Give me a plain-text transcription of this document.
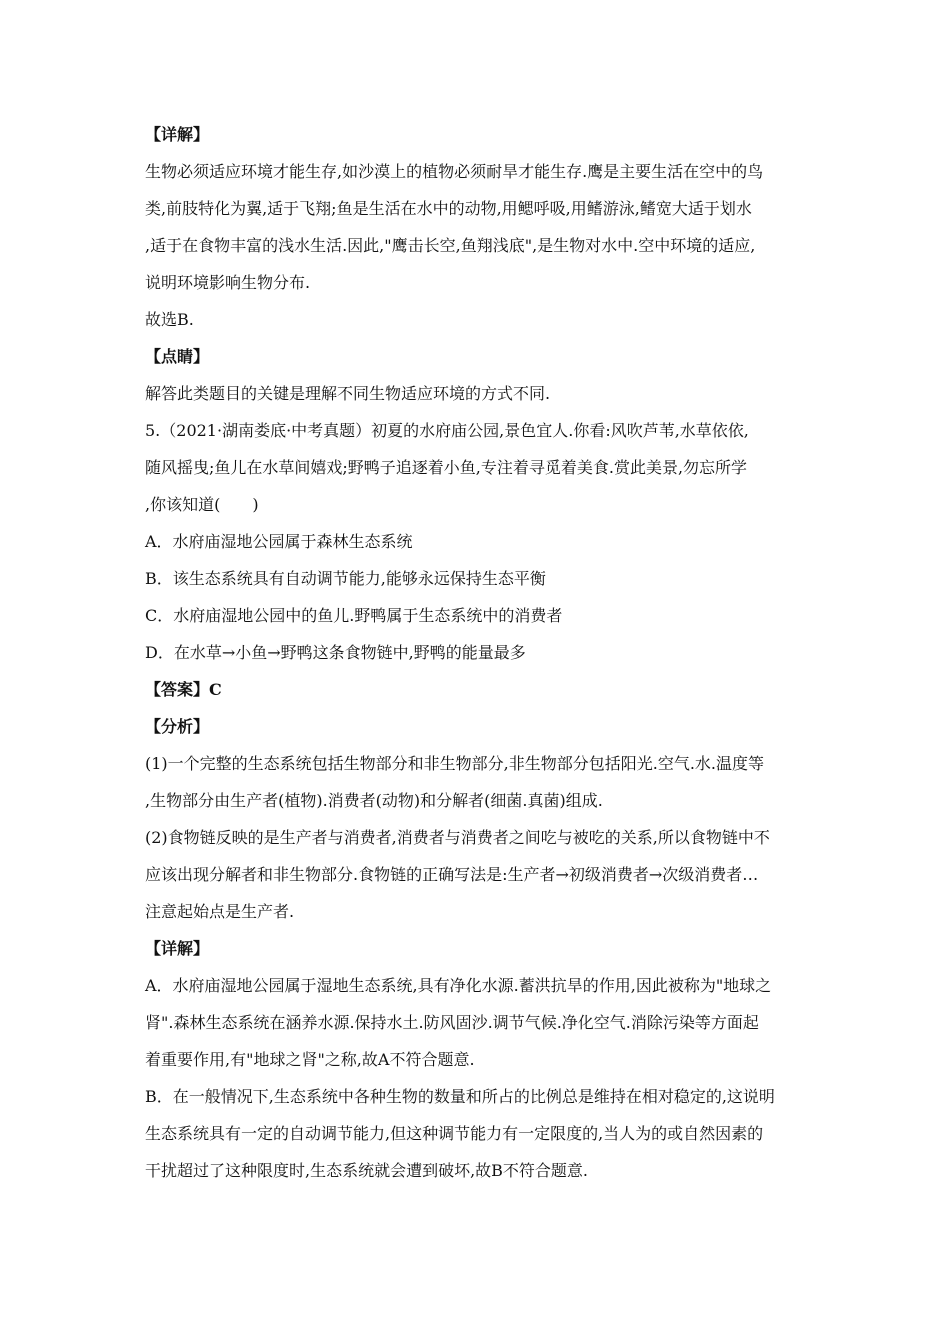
【详解】
生物必须适应环境才能生存,如沙漠上的植物必须耐旱才能生存.鹰是主要生活在空中的鸟
类,前肢特化为翼,适于飞翔;鱼是生活在水中的动物,用鳃呼吸,用鳍游泳,鳍宽大适于划水
,适于在食物丰富的浅水生活.因此,"鹰击长空,鱼翔浅底",是生物对水中.空中环境的适应,
说明环境影响生物分布.
故选B.
【点睛】
解答此类题目的关键是理解不同生物适应环境的方式不同.
5.（2021·湖南娄底·中考真题）初夏的水府庙公园,景色宜人.你看:风吹芦苇,水草依依,
随风摇曳;鱼儿在水草间嬉戏;野鸭子追逐着小鱼,专注着寻觅着美食.赏此美景,勿忘所学
,你该知道(　　)
A．水府庙湿地公园属于森林生态系统
B．该生态系统具有自动调节能力,能够永远保持生态平衡
C．水府庙湿地公园中的鱼儿.野鸭属于生态系统中的消费者
D．在水草→小鱼→野鸭这条食物链中,野鸭的能量最多
【答案】C
【分析】
(1)一个完整的生态系统包括生物部分和非生物部分,非生物部分包括阳光.空气.水.温度等
,生物部分由生产者(植物).消费者(动物)和分解者(细菌.真菌)组成.
(2)食物链反映的是生产者与消费者,消费者与消费者之间吃与被吃的关系,所以食物链中不
应该出现分解者和非生物部分.食物链的正确写法是:生产者→初级消费者→次级消费者…
注意起始点是生产者.
【详解】
A．水府庙湿地公园属于湿地生态系统,具有净化水源.蓄洪抗旱的作用,因此被称为"地球之
肾".森林生态系统在涵养水源.保持水土.防风固沙.调节气候.净化空气.消除污染等方面起
着重要作用,有"地球之肾"之称,故A不符合题意.
B．在一般情况下,生态系统中各种生物的数量和所占的比例总是维持在相对稳定的,这说明
生态系统具有一定的自动调节能力,但这种调节能力有一定限度的,当人为的或自然因素的
干扰超过了这种限度时,生态系统就会遭到破坏,故B不符合题意.
